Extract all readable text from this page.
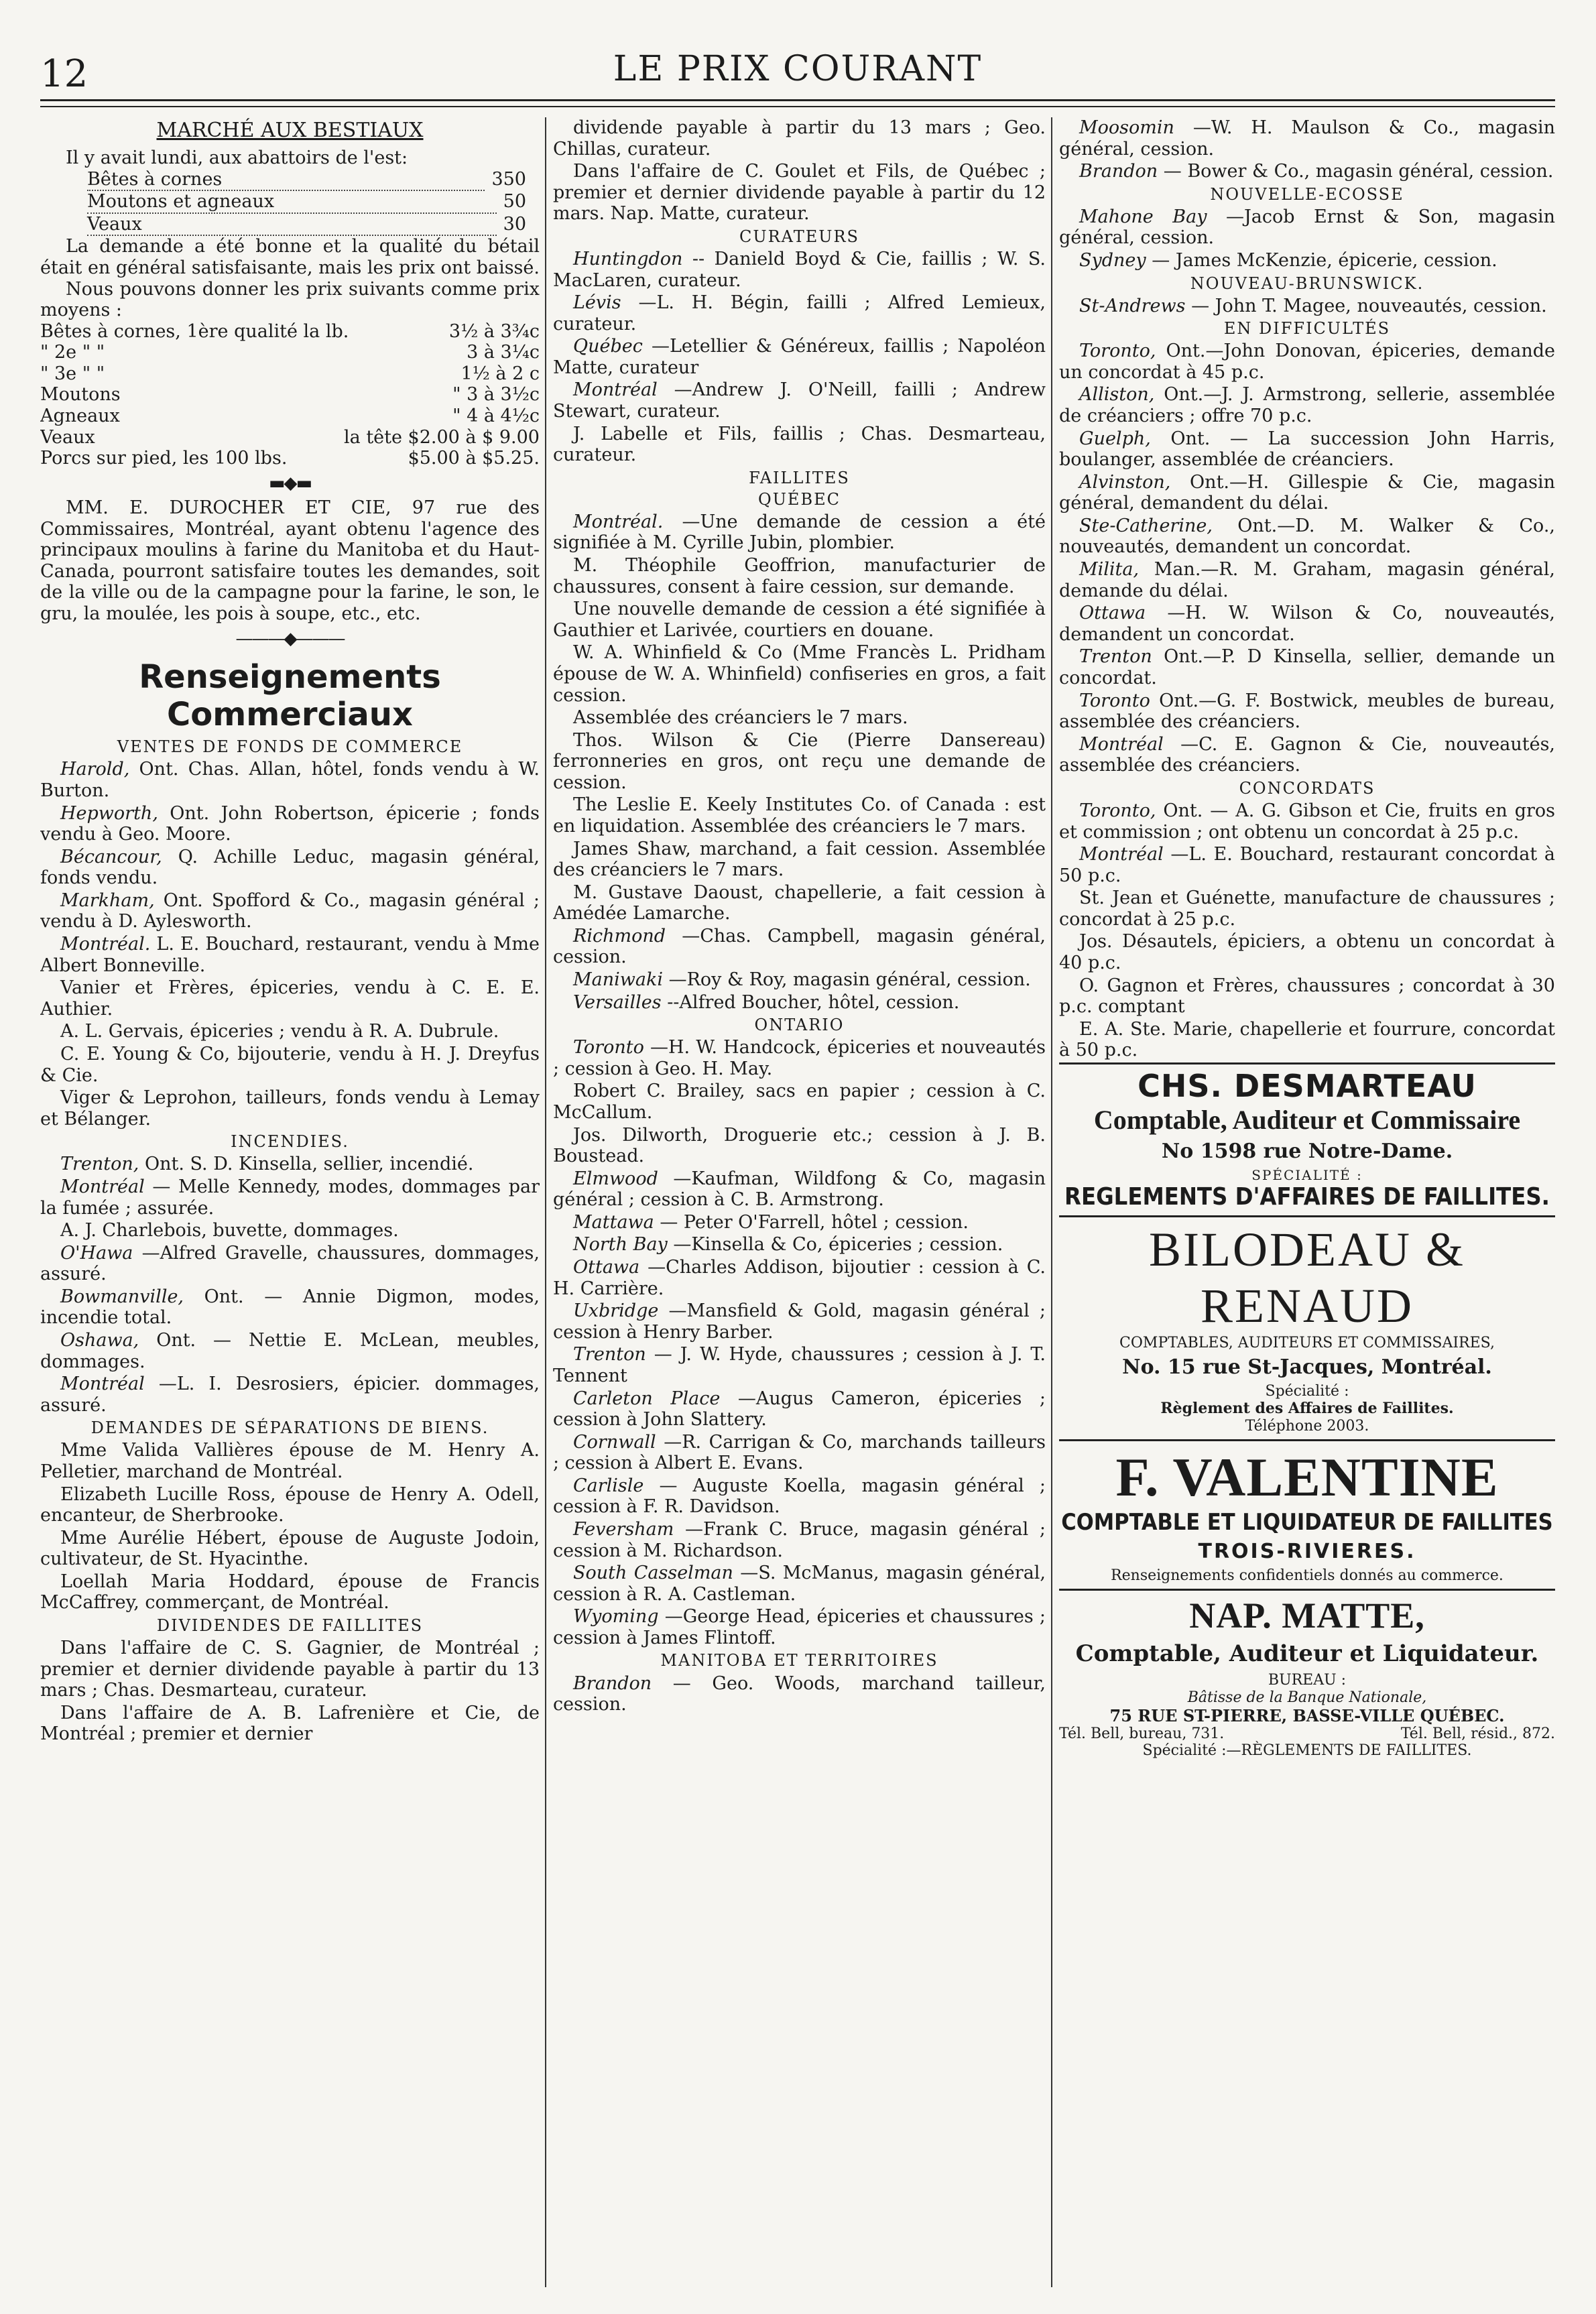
12	LE PRIX COURANT
MARCHÉ AUX BESTIAUX

Il y avait lundi, aux abattoirs de l'est:

Bêtes à cornes	350
Moutons et agneaux	50
Veaux	30

La demande a été bonne et la qualité du bétail était en général satisfaisante, mais les prix ont baissé.

Nous pouvons donner les prix suivants comme prix moyens :

Bêtes à cornes, 1ère qualité la lb.	3½ à 3¾c
" 2e " "	3 à 3¼c
" 3e " "	1½ à 2 c
Moutons	" 3 à 3½c
Agneaux	" 4 à 4½c
Veaux	la tête $2.00 à $ 9.00
Porcs sur pied, les 100 lbs.	$5.00 à $5.25.
▬◆▬

MM. E. DUROCHER ET CIE, 97 rue des Commissaires, Montréal, ayant obtenu l'agence des principaux moulins à farine du Manitoba et du Haut-Canada, pourront satisfaire toutes les demandes, soit de la ville ou de la campagne pour la farine, le son, le gru, la moulée, les pois à soupe, etc., etc.

———◆———
Renseignements Commerciaux
VENTES DE FONDS DE COMMERCE

Harold, Ont. Chas. Allan, hôtel, fonds vendu à W. Burton.

Hepworth, Ont. John Robertson, épicerie ; fonds vendu à Geo. Moore.

Bécancour, Q. Achille Leduc, magasin général, fonds vendu.

Markham, Ont. Spofford & Co., magasin général ; vendu à D. Aylesworth.

Montréal. L. E. Bouchard, restaurant, vendu à Mme Albert Bonneville.

Vanier et Frères, épiceries, vendu à C. E. E. Authier.

A. L. Gervais, épiceries ; vendu à R. A. Dubrule.

C. E. Young & Co, bijouterie, vendu à H. J. Dreyfus & Cie.

Viger & Leprohon, tailleurs, fonds vendu à Lemay et Bélanger.

INCENDIES.

Trenton, Ont. S. D. Kinsella, sellier, incendié.

Montréal — Melle Kennedy, modes, dommages par la fumée ; assurée.

A. J. Charlebois, buvette, dommages.

O'Hawa —Alfred Gravelle, chaussures, dommages, assuré.

Bowmanville, Ont. — Annie Digmon, modes, incendie total.

Oshawa, Ont. — Nettie E. McLean, meubles, dommages.

Montréal —L. I. Desrosiers, épicier. dommages, assuré.

DEMANDES DE SÉPARATIONS DE BIENS.

Mme Valida Vallières épouse de M. Henry A. Pelletier, marchand de Montréal.

Elizabeth Lucille Ross, épouse de Henry A. Odell, encanteur, de Sherbrooke.

Mme Aurélie Hébert, épouse de Auguste Jodoin, cultivateur, de St. Hyacinthe.

Loellah Maria Hoddard, épouse de Francis McCaffrey, commerçant, de Montréal.

DIVIDENDES DE FAILLITES

Dans l'affaire de C. S. Gagnier, de Montréal ; premier et dernier dividende payable à partir du 13 mars ; Chas. Desmarteau, curateur.

Dans l'affaire de A. B. Lafrenière et Cie, de Montréal ; premier et dernier

dividende payable à partir du 13 mars ; Geo. Chillas, curateur.

Dans l'affaire de C. Goulet et Fils, de Québec ; premier et dernier dividende payable à partir du 12 mars. Nap. Matte, curateur.

CURATEURS

Huntingdon -- Danield Boyd & Cie, faillis ; W. S. MacLaren, curateur.

Lévis —L. H. Bégin, failli ; Alfred Lemieux, curateur.

Québec —Letellier & Généreux, faillis ; Napoléon Matte, curateur

Montréal —Andrew J. O'Neill, failli ; Andrew Stewart, curateur.

J. Labelle et Fils, faillis ; Chas. Desmarteau, curateur.

FAILLITES
QUÉBEC

Montréal. —Une demande de cession a été signifiée à M. Cyrille Jubin, plombier.

M. Théophile Geoffrion, manufacturier de chaussures, consent à faire cession, sur demande.

Une nouvelle demande de cession a été signifiée à Gauthier et Larivée, courtiers en douane.

W. A. Whinfield & Co (Mme Francès L. Pridham épouse de W. A. Whinfield) confiseries en gros, a fait cession.

Assemblée des créanciers le 7 mars.

Thos. Wilson & Cie (Pierre Dansereau) ferronneries en gros, ont reçu une demande de cession.

The Leslie E. Keely Institutes Co. of Canada : est en liquidation. Assemblée des créanciers le 7 mars.

James Shaw, marchand, a fait cession. Assemblée des créanciers le 7 mars.

M. Gustave Daoust, chapellerie, a fait cession à Amédée Lamarche.

Richmond —Chas. Campbell, magasin général, cession.

Maniwaki —Roy & Roy, magasin général, cession.

Versailles --Alfred Boucher, hôtel, cession.

ONTARIO

Toronto —H. W. Handcock, épiceries et nouveautés ; cession à Geo. H. May.

Robert C. Brailey, sacs en papier ; cession à C. McCallum.

Jos. Dilworth, Droguerie etc.; cession à J. B. Boustead.

Elmwood —Kaufman, Wildfong & Co, magasin général ; cession à C. B. Armstrong.

Mattawa — Peter O'Farrell, hôtel ; cession.

North Bay —Kinsella & Co, épiceries ; cession.

Ottawa —Charles Addison, bijoutier : cession à C. H. Carrière.

Uxbridge —Mansfield & Gold, magasin général ; cession à Henry Barber.

Trenton — J. W. Hyde, chaussures ; cession à J. T. Tennent

Carleton Place —Augus Cameron, épiceries ; cession à John Slattery.

Cornwall —R. Carrigan & Co, marchands tailleurs ; cession à Albert E. Evans.

Carlisle — Auguste Koella, magasin général ; cession à F. R. Davidson.

Feversham —Frank C. Bruce, magasin général ; cession à M. Richardson.

South Casselman —S. McManus, magasin général, cession à R. A. Castleman.

Wyoming —George Head, épiceries et chaussures ; cession à James Flintoff.

MANITOBA ET TERRITOIRES

Brandon — Geo. Woods, marchand tailleur, cession.

Moosomin —W. H. Maulson & Co., magasin général, cession.

Brandon — Bower & Co., magasin général, cession.

NOUVELLE-ECOSSE

Mahone Bay —Jacob Ernst & Son, magasin général, cession.

Sydney — James McKenzie, épicerie, cession.

NOUVEAU-BRUNSWICK.

St-Andrews — John T. Magee, nouveautés, cession.

EN DIFFICULTÉS

Toronto, Ont.—John Donovan, épiceries, demande un concordat à 45 p.c.

Alliston, Ont.—J. J. Armstrong, sellerie, assemblée de créanciers ; offre 70 p.c.

Guelph, Ont. — La succession John Harris, boulanger, assemblée de créanciers.

Alvinston, Ont.—H. Gillespie & Cie, magasin général, demandent du délai.

Ste-Catherine, Ont.—D. M. Walker & Co., nouveautés, demandent un concordat.

Milita, Man.—R. M. Graham, magasin général, demande du délai.

Ottawa —H. W. Wilson & Co, nouveautés, demandent un concordat.

Trenton Ont.—P. D Kinsella, sellier, demande un concordat.

Toronto Ont.—G. F. Bostwick, meubles de bureau, assemblée des créanciers.

Montréal —C. E. Gagnon & Cie, nouveautés, assemblée des créanciers.

CONCORDATS

Toronto, Ont. — A. G. Gibson et Cie, fruits en gros et commission ; ont obtenu un concordat à 25 p.c.

Montréal —L. E. Bouchard, restaurant concordat à 50 p.c.

St. Jean et Guénette, manufacture de chaussures ; concordat à 25 p.c.

Jos. Désautels, épiciers, a obtenu un concordat à 40 p.c.

O. Gagnon et Frères, chaussures ; concordat à 30 p.c. comptant

E. A. Ste. Marie, chapellerie et fourrure, concordat à 50 p.c.

CHS. DESMARTEAU
Comptable, Auditeur et Commissaire
No 1598 rue Notre-Dame.
SPÉCIALITÉ :
REGLEMENTS D'AFFAIRES DE FAILLITES.
BILODEAU & RENAUD
COMPTABLES, AUDITEURS ET COMMISSAIRES,
No. 15 rue St-Jacques, Montréal.
Spécialité :
Règlement des Affaires de Faillites.
Téléphone 2003.
F. VALENTINE
COMPTABLE ET LIQUIDATEUR DE FAILLITES
TROIS-RIVIERES.
Renseignements confidentiels donnés au commerce.
NAP. MATTE,
Comptable, Auditeur et Liquidateur.
BUREAU :
Bâtisse de la Banque Nationale,
75 RUE ST-PIERRE, BASSE-VILLE QUÉBEC.
Tél. Bell, bureau, 731.	Tél. Bell, résid., 872.
Spécialité :—RÈGLEMENTS DE FAILLITES.
